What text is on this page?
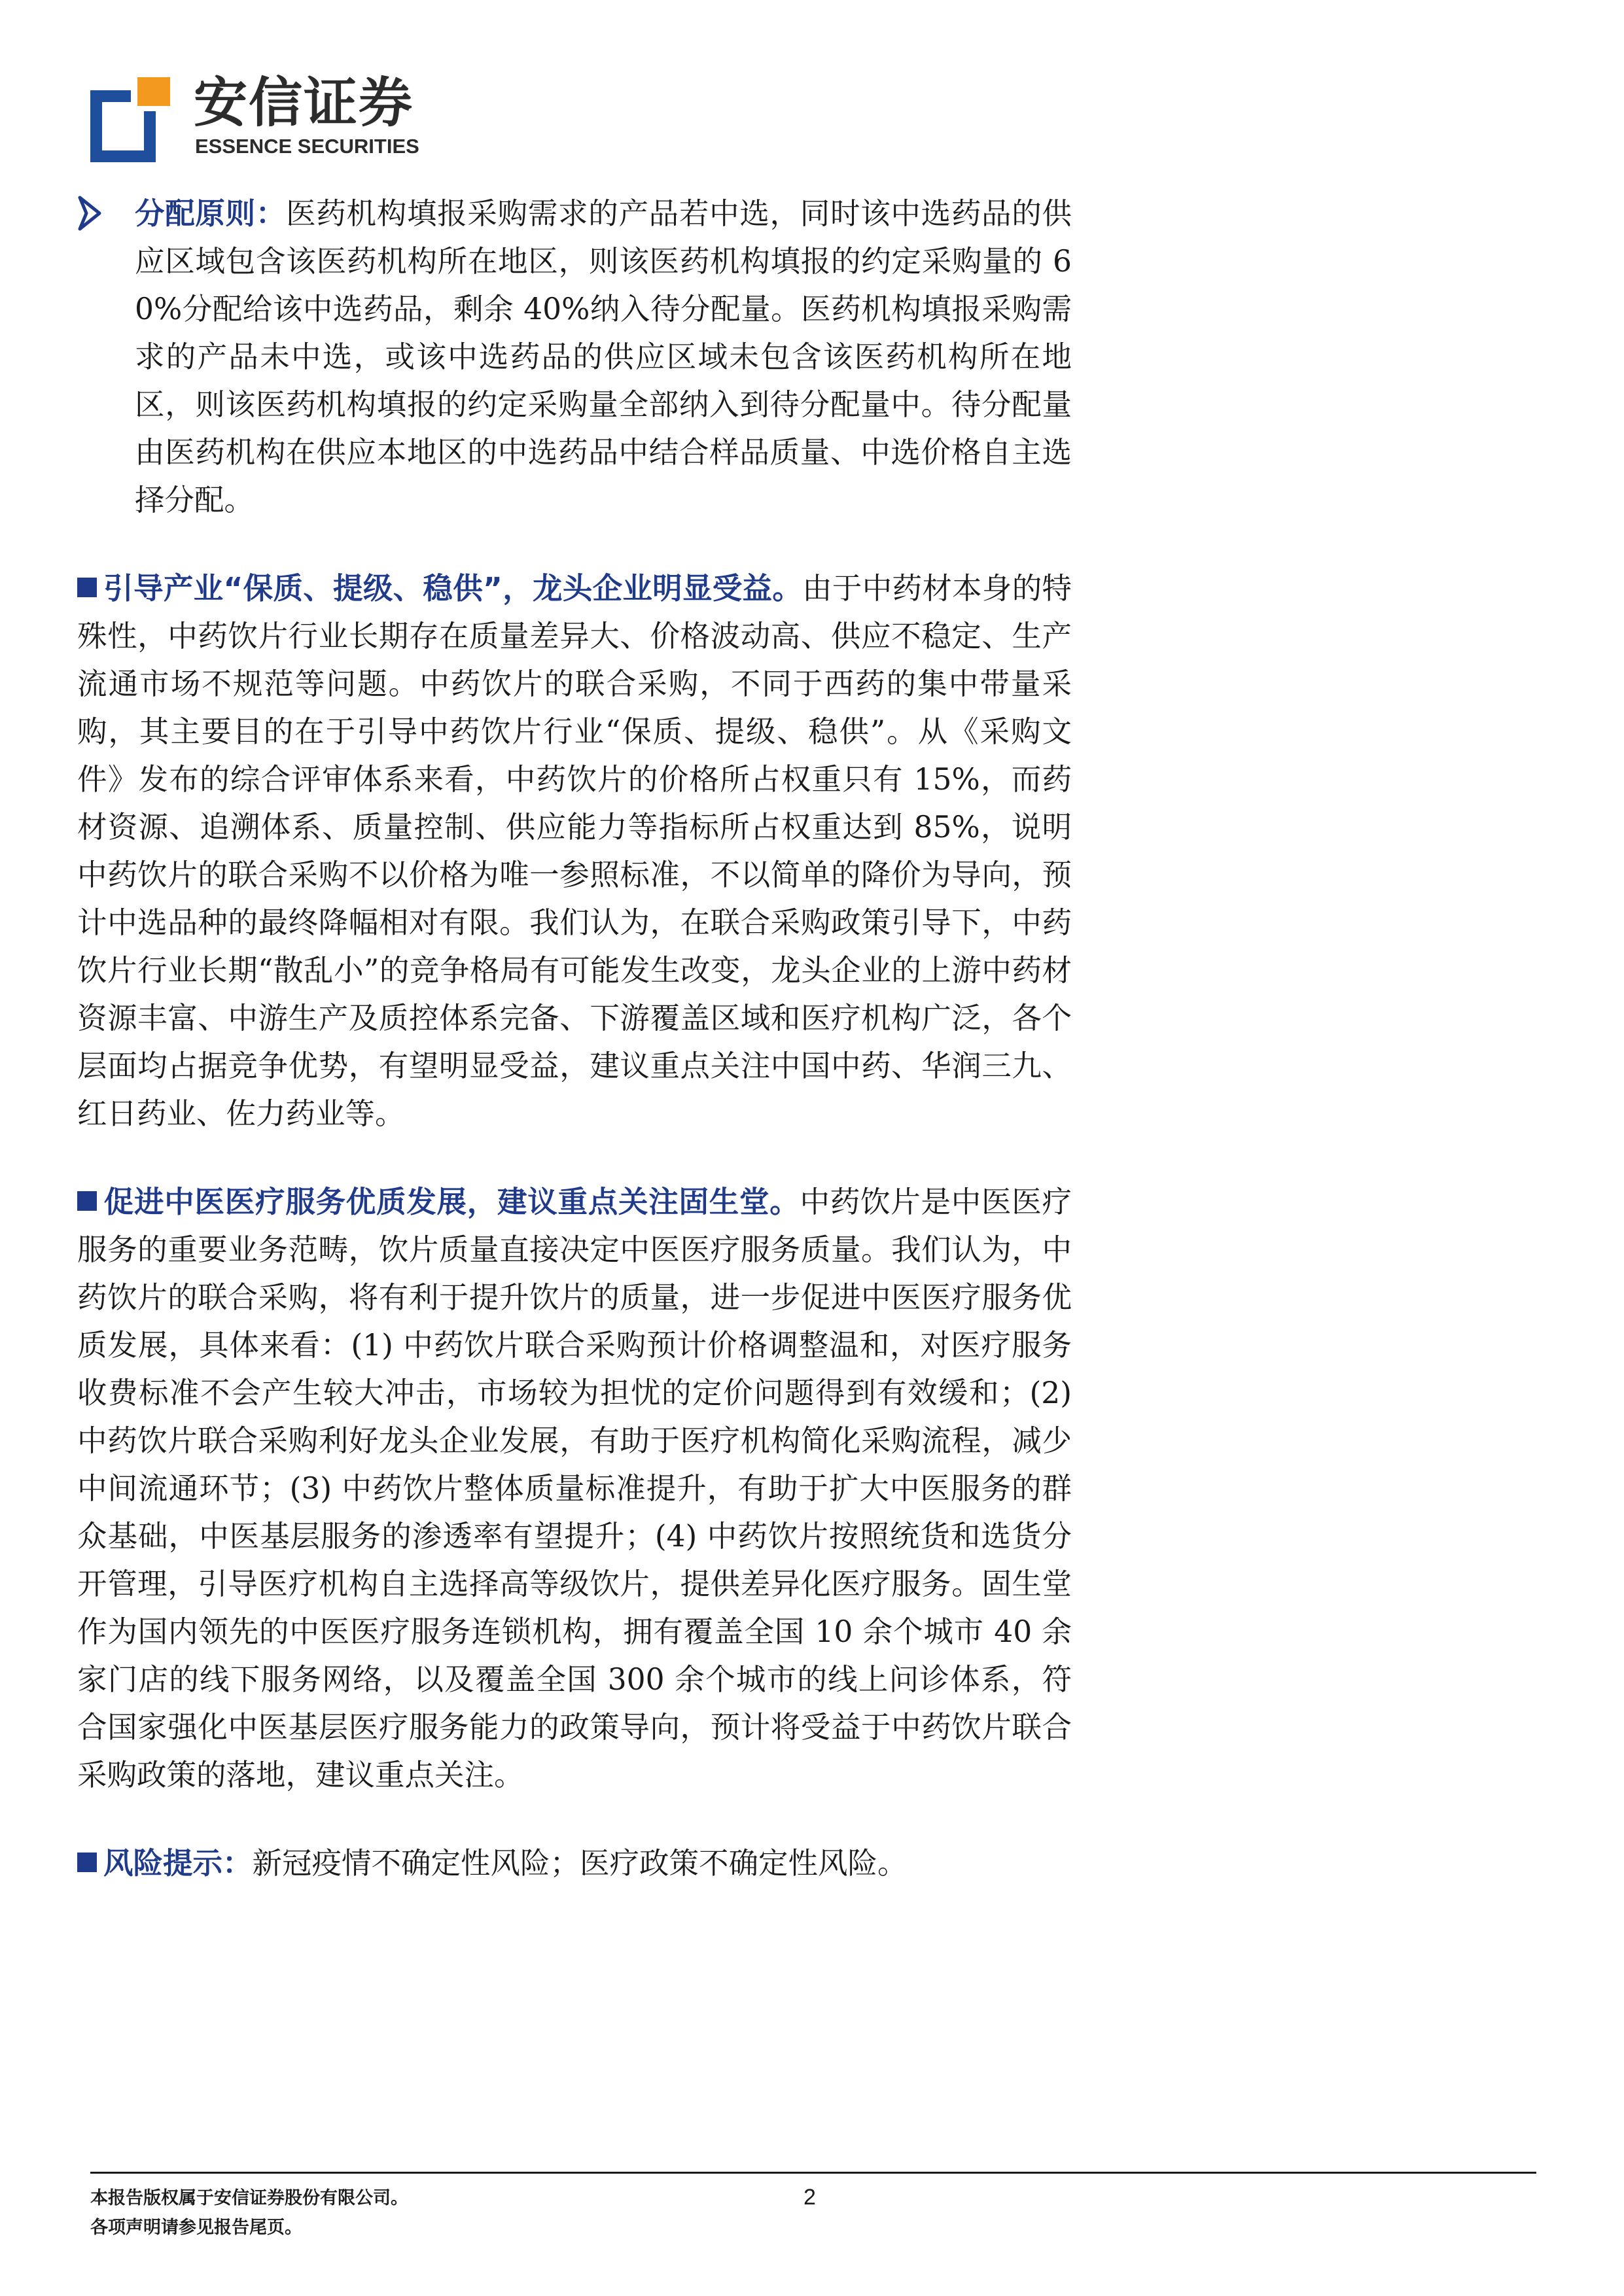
安信证券
ESSENCE SECURITIES

分配原则：医药机构填报采购需求的产品若中选，同时该中选药品的供应区域包含该医药机构所在地区，则该医药机构填报的约定采购量的 60%分配给该中选药品，剩余 40%纳入待分配量。医药机构填报采购需求的产品未中选，或该中选药品的供应区域未包含该医药机构所在地区，则该医药机构填报的约定采购量全部纳入到待分配量中。待分配量由医药机构在供应本地区的中选药品中结合样品质量、中选价格自主选择分配。

引导产业“保质、提级、稳供”，龙头企业明显受益。由于中药材本身的特殊性，中药饮片行业长期存在质量差异大、价格波动高、供应不稳定、生产流通市场不规范等问题。中药饮片的联合采购，不同于西药的集中带量采购，其主要目的在于引导中药饮片行业“保质、提级、稳供”。从《采购文件》发布的综合评审体系来看，中药饮片的价格所占权重只有 15%，而药材资源、追溯体系、质量控制、供应能力等指标所占权重达到 85%，说明中药饮片的联合采购不以价格为唯一参照标准，不以简单的降价为导向，预计中选品种的最终降幅相对有限。我们认为，在联合采购政策引导下，中药饮片行业长期“散乱小”的竞争格局有可能发生改变，龙头企业的上游中药材资源丰富、中游生产及质控体系完备、下游覆盖区域和医疗机构广泛，各个层面均占据竞争优势，有望明显受益，建议重点关注中国中药、华润三九、红日药业、佐力药业等。

促进中医医疗服务优质发展，建议重点关注固生堂。中药饮片是中医医疗服务的重要业务范畴，饮片质量直接决定中医医疗服务质量。我们认为，中药饮片的联合采购，将有利于提升饮片的质量，进一步促进中医医疗服务优质发展，具体来看：(1) 中药饮片联合采购预计价格调整温和，对医疗服务收费标准不会产生较大冲击，市场较为担忧的定价问题得到有效缓和；(2) 中药饮片联合采购利好龙头企业发展，有助于医疗机构简化采购流程，减少中间流通环节；(3) 中药饮片整体质量标准提升，有助于扩大中医服务的群众基础，中医基层服务的渗透率有望提升；(4) 中药饮片按照统货和选货分开管理，引导医疗机构自主选择高等级饮片，提供差异化医疗服务。固生堂作为国内领先的中医医疗服务连锁机构，拥有覆盖全国 10 余个城市 40 余家门店的线下服务网络，以及覆盖全国 300 余个城市的线上问诊体系，符合国家强化中医基层医疗服务能力的政策导向，预计将受益于中药饮片联合采购政策的落地，建议重点关注。

风险提示：新冠疫情不确定性风险；医疗政策不确定性风险。

本报告版权属于安信证券股份有限公司。
各项声明请参见报告尾页。
2
